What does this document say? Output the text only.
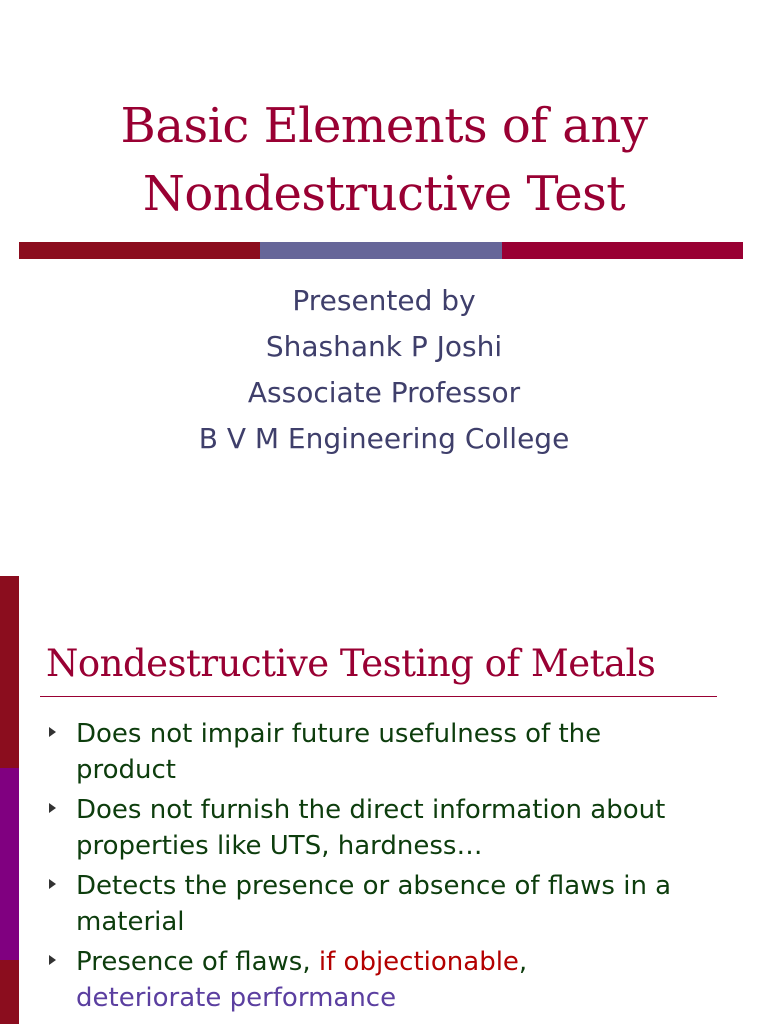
Basic Elements of any
Nondestructive Test
Presented by
Shashank P Joshi
Associate Professor
B V M Engineering College
Nondestructive Testing of Metals
Does not impair future usefulness of the product
Does not furnish the direct information about properties like UTS, hardness…
Detects the presence or absence of flaws in a material
Presence of flaws, if objectionable,
deteriorate performance
